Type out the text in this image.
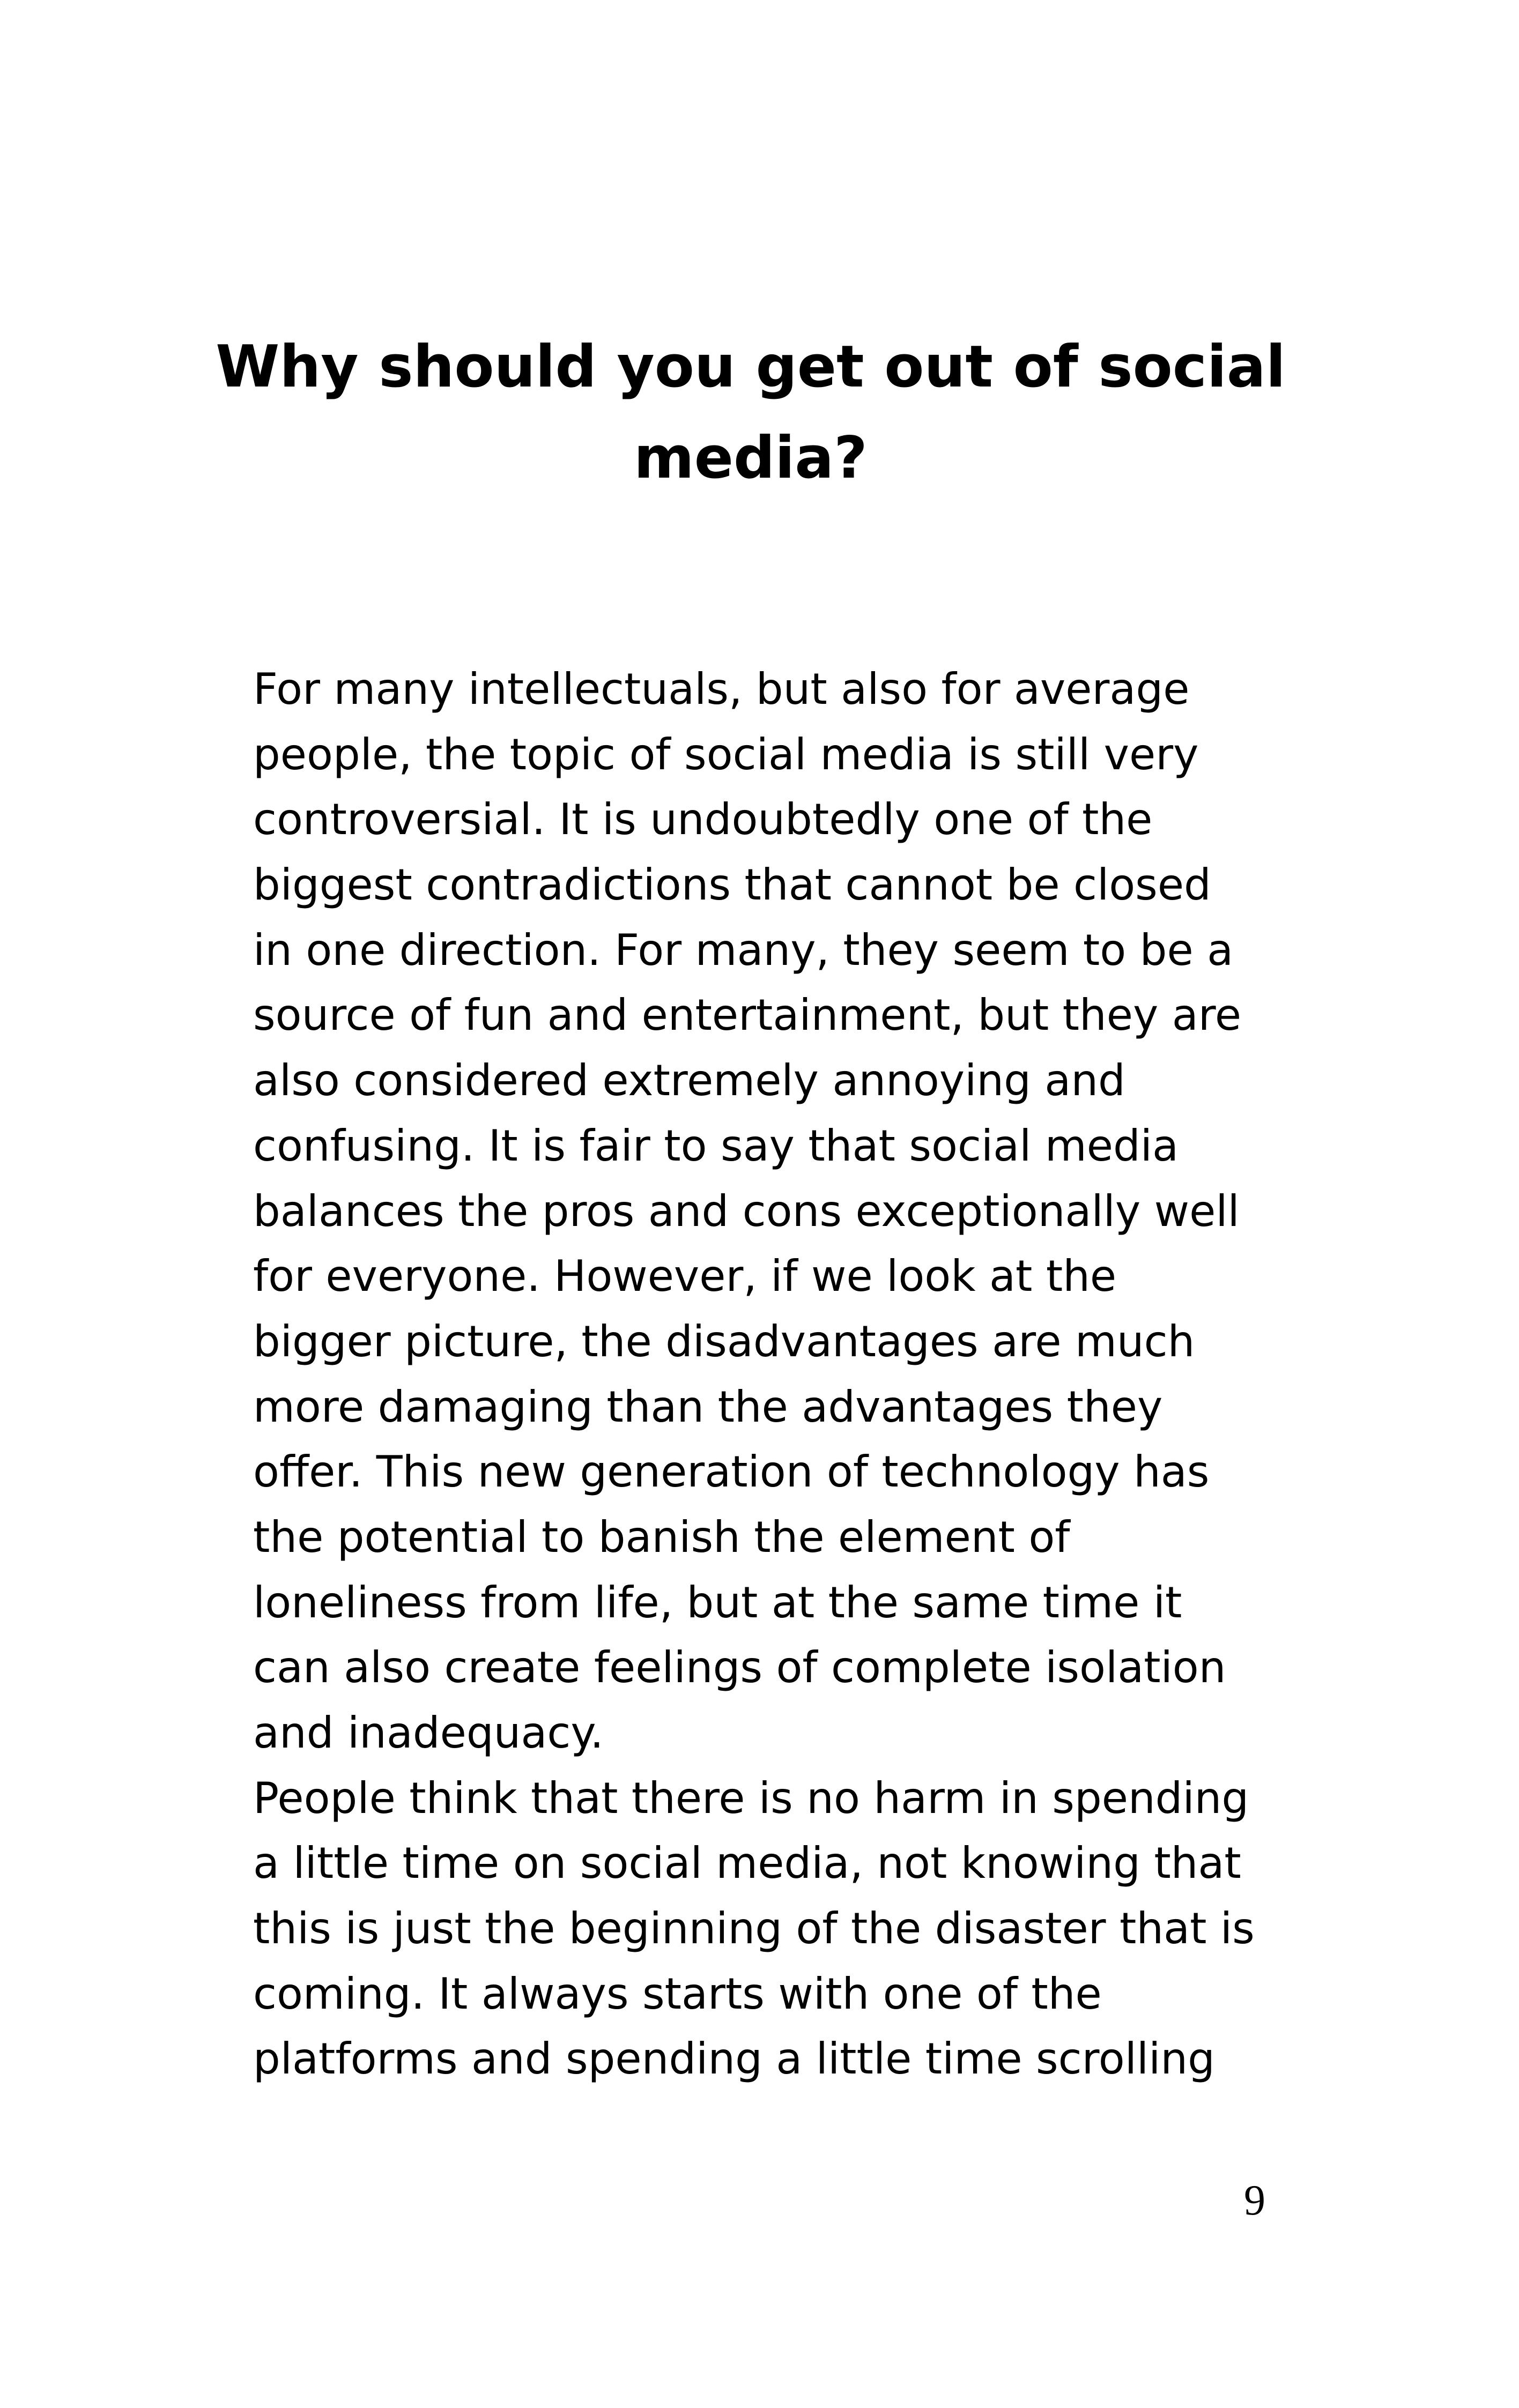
Why should you get out of social
media?
For many intellectuals, but also for average
people, the topic of social media is still very
controversial. It is undoubtedly one of the
biggest contradictions that cannot be closed
in one direction. For many, they seem to be a
source of fun and entertainment, but they are
also considered extremely annoying and
confusing. It is fair to say that social media
balances the pros and cons exceptionally well
for everyone. However, if we look at the
bigger picture, the disadvantages are much
more damaging than the advantages they
offer. This new generation of technology has
the potential to banish the element of
loneliness from life, but at the same time it
can also create feelings of complete isolation
and inadequacy.
People think that there is no harm in spending
a little time on social media, not knowing that
this is just the beginning of the disaster that is
coming. It always starts with one of the
platforms and spending a little time scrolling
9
